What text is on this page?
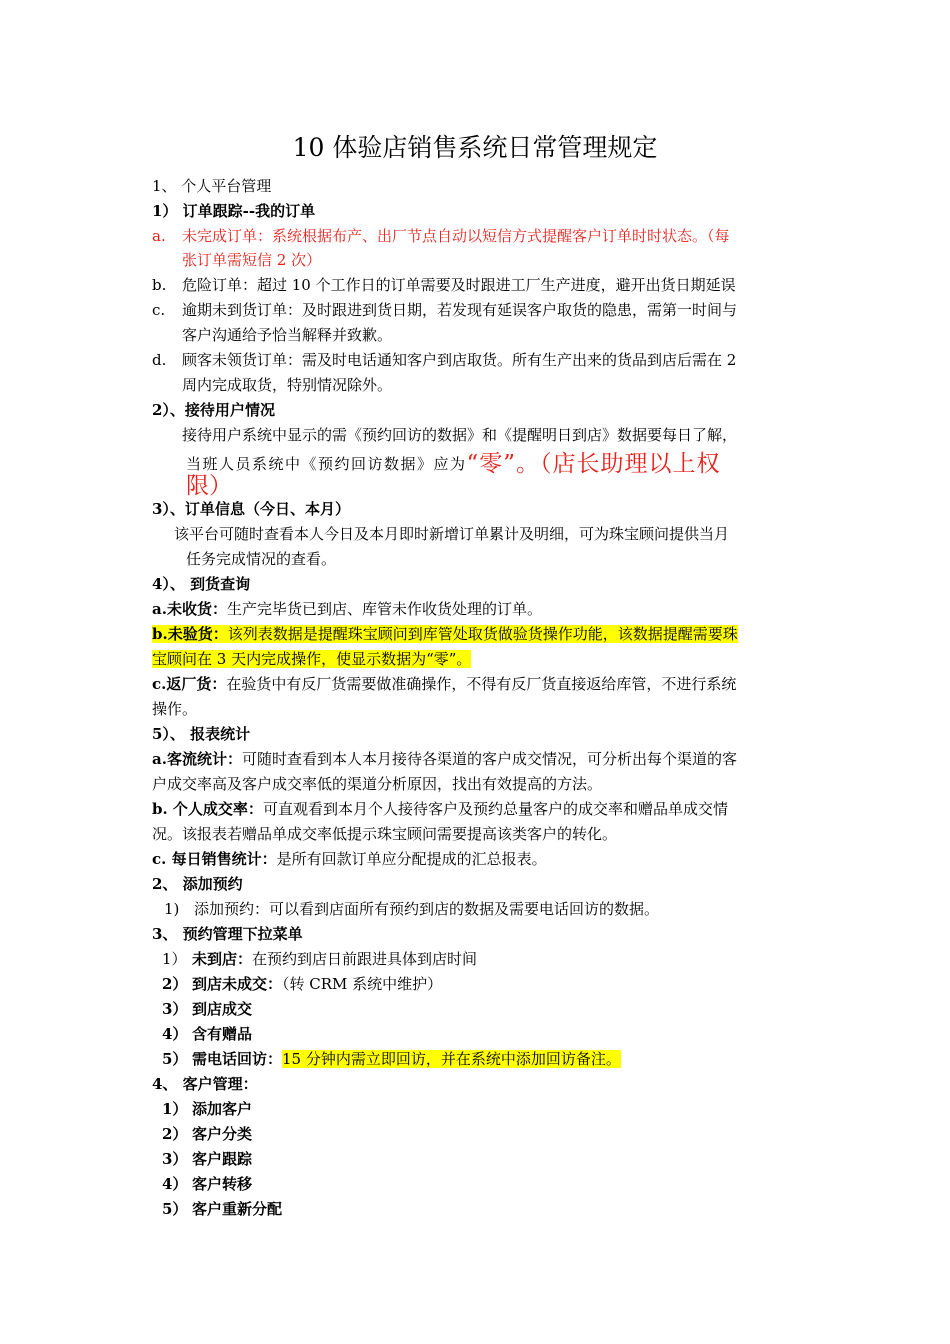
10 体验店销售系统日常管理规定
1、 个人平台管理
1） 订单跟踪--我的订单
a. 未完成订单：系统根据布产、出厂节点自动以短信方式提醒客户订单时时状态。（每
张订单需短信 2 次）
b. 危险订单：超过 10 个工作日的订单需要及时跟进工厂生产进度，避开出货日期延误
c. 逾期未到货订单：及时跟进到货日期，若发现有延误客户取货的隐患，需第一时间与
客户沟通给予恰当解释并致歉。
d. 顾客未领货订单：需及时电话通知客户到店取货。所有生产出来的货品到店后需在 2
周内完成取货，特别情况除外。
2）、接待用户情况
接待用户系统中显示的需《预约回访的数据》和《提醒明日到店》数据要每日了解，
当班人员系统中《预约回访数据》应为“零”。（店长助理以上权
限）
3）、订单信息（今日、本月）
该平台可随时查看本人今日及本月即时新增订单累计及明细，可为珠宝顾问提供当月
任务完成情况的查看。
4）、 到货查询
a.未收货：生产完毕货已到店、库管未作收货处理的订单。
b.未验货：该列表数据是提醒珠宝顾问到库管处取货做验货操作功能，该数据提醒需要珠
宝顾问在 3 天内完成操作，使显示数据为“零”。
c.返厂货：在验货中有反厂货需要做准确操作，不得有反厂货直接返给库管，不进行系统
操作。
5）、 报表统计
a.客流统计：可随时查看到本人本月接待各渠道的客户成交情况，可分析出每个渠道的客
户成交率高及客户成交率低的渠道分析原因，找出有效提高的方法。
b. 个人成交率：可直观看到本月个人接待客户及预约总量客户的成交率和赠品单成交情
况。该报表若赠品单成交率低提示珠宝顾问需要提高该类客户的转化。
c. 每日销售统计：是所有回款订单应分配提成的汇总报表。
2、 添加预约
1) 添加预约：可以看到店面所有预约到店的数据及需要电话回访的数据。
3、 预约管理下拉菜单
1） 未到店：在预约到店日前跟进具体到店时间
2） 到店未成交：（转 CRM 系统中维护）
3） 到店成交
4） 含有赠品
5） 需电话回访：15 分钟内需立即回访，并在系统中添加回访备注。
4、 客户管理：
1） 添加客户
2） 客户分类
3） 客户跟踪
4） 客户转移
5） 客户重新分配
